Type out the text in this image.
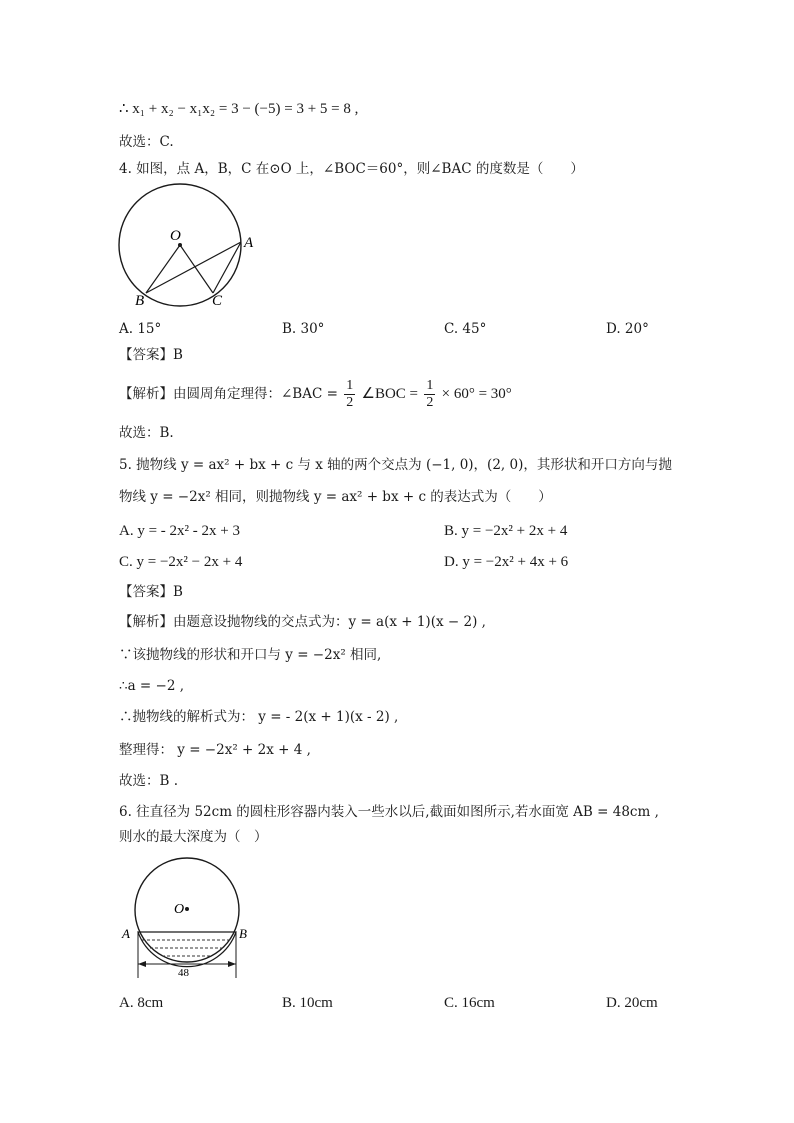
∴ x₁ + x₂ − x₁x₂ = 3 − (−5) = 3 + 5 = 8 ,
故选：C.
4. 如图，点 A，B，C 在⊙O 上，∠BOC＝60°，则∠BAC 的度数是（　　）
O	A
B	C
A. 15°	B. 30°	C. 45°	D. 20°
【答案】B
【解析】由圆周角定理得：∠BAC = $\frac{1}{2}$ ∠BOC = $\frac{1}{2} \times 60^\circ = 30^\circ$
故选：B.
5. 抛物线 y = ax² + bx + c 与 x 轴的两个交点为 (−1, 0)，(2, 0)，其形状和开口方向与抛
物线 y = −2x² 相同，则抛物线 y = ax² + bx + c 的表达式为（　　）
A. y = - 2x² - 2x + 3	B. y = −2x² + 2x + 4
C. y = −2x² − 2x + 4	D. y = −2x² + 4x + 6
【答案】B
【解析】由题意设抛物线的交点式为：y = a(x + 1)(x − 2) ,
∵该抛物线的形状和开口与 y = −2x² 相同,
∴a = −2 ,
∴抛物线的解析式为： y = - 2(x + 1)(x - 2) ,
整理得： y = −2x² + 2x + 4 ,
故选：B .
6. 往直径为 52cm 的圆柱形容器内装入一些水以后,截面如图所示,若水面宽 AB = 48cm ,
则水的最大深度为（　）
O
A	B
48
A. 8cm	B. 10cm	C. 16cm	D. 20cm
